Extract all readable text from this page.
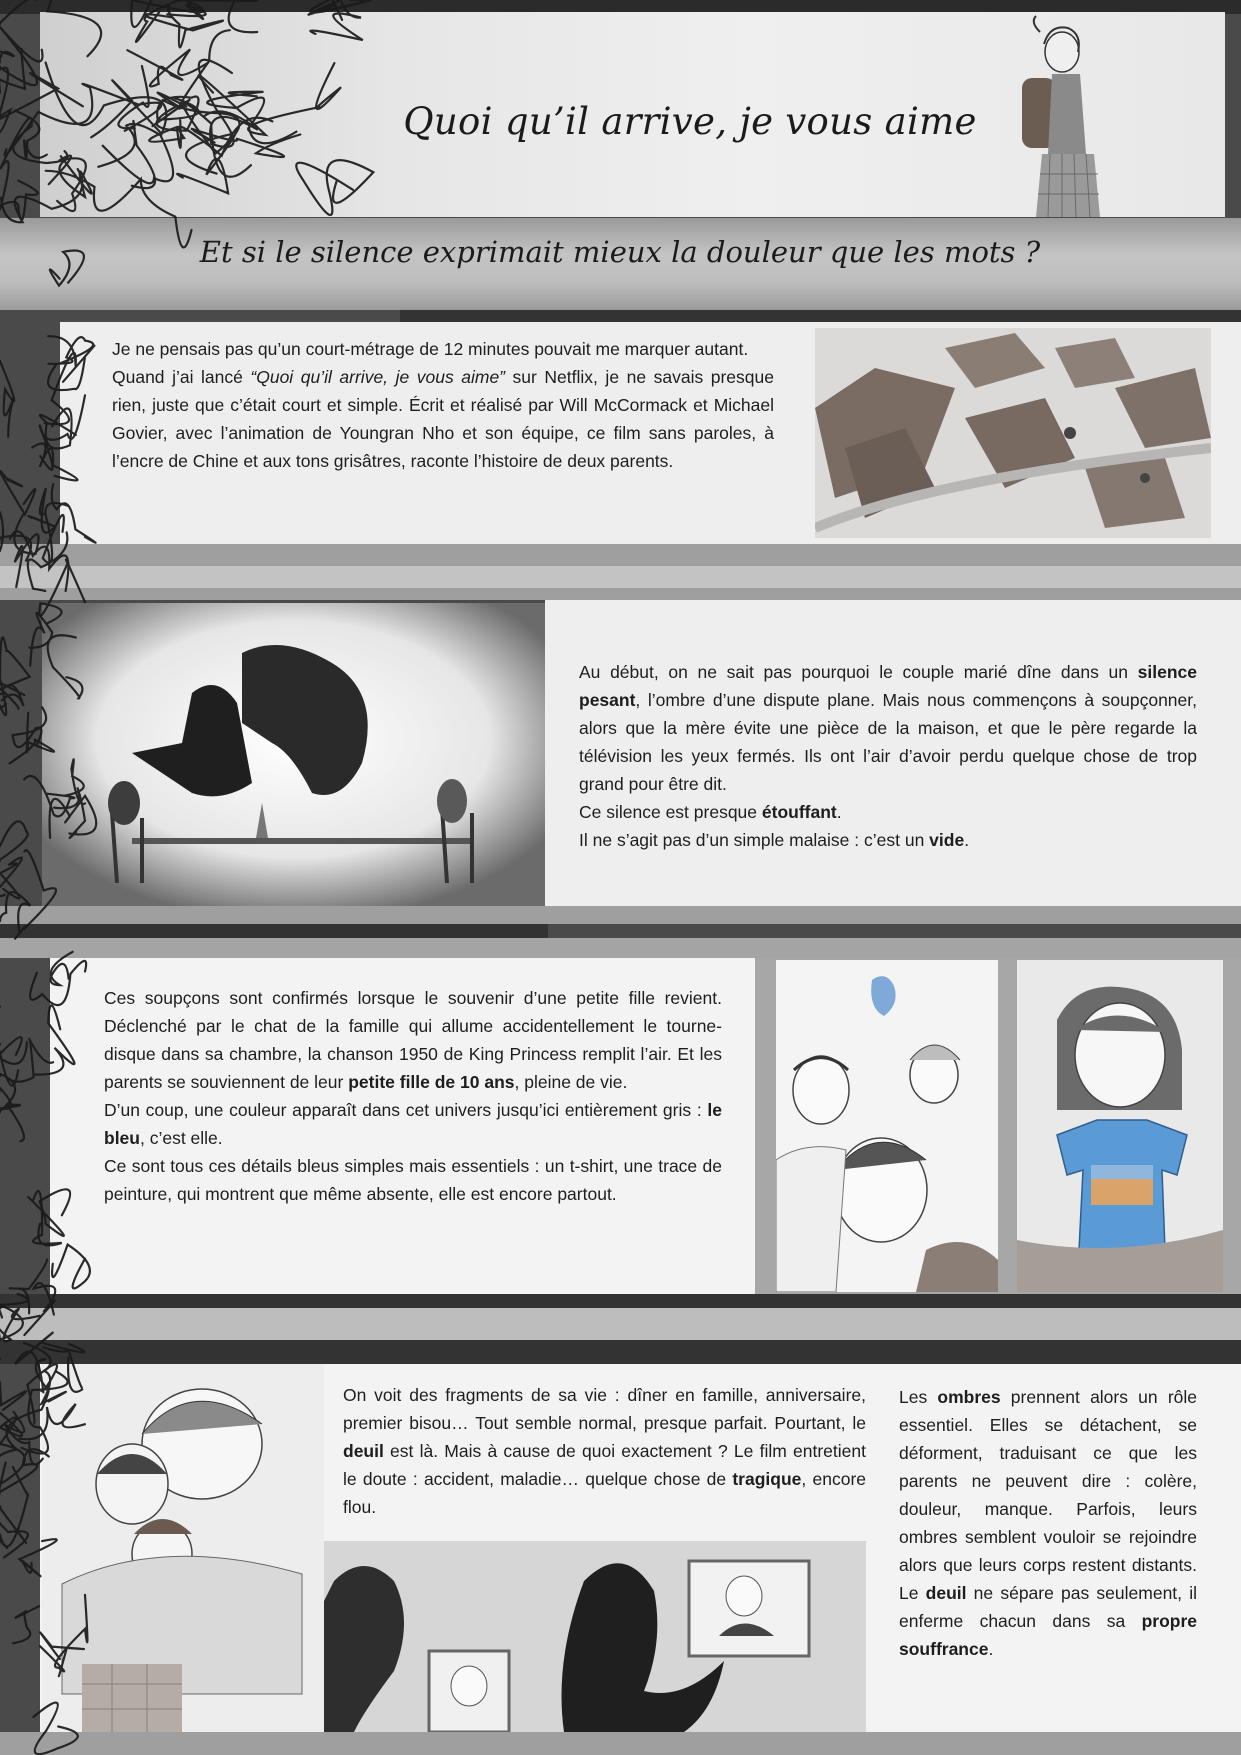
Quoi qu’il arrive, je vous aime
Et si le silence exprimait mieux la douleur que les mots ?

Je ne pensais pas qu’un court-métrage de 12 minutes pouvait me marquer autant.

Quand j’ai lancé “Quoi qu’il arrive, je vous aime” sur Netflix, je ne savais presque rien, juste que c’était court et simple. Écrit et réalisé par Will McCormack et Michael Govier, avec l’animation de Youngran Nho et son équipe, ce film sans paroles, à l’encre de Chine et aux tons grisâtres, raconte l’histoire de deux parents.

Au début, on ne sait pas pourquoi le couple marié dîne dans un silence pesant, l’ombre d’une dispute plane. Mais nous commençons à soupçonner, alors que la mère évite une pièce de la maison, et que le père regarde la télévision les yeux fermés. Ils ont l’air d’avoir perdu quelque chose de trop grand pour être dit.

Ce silence est presque étouffant.

Il ne s’agit pas d’un simple malaise : c’est un vide.

Ces soupçons sont confirmés lorsque le souvenir d’une petite fille revient. Déclenché par le chat de la famille qui allume accidentellement le tourne-disque dans sa chambre, la chanson 1950 de King Princess remplit l’air. Et les parents se souviennent de leur petite fille de 10 ans, pleine de vie.

D’un coup, une couleur apparaît dans cet univers jusqu’ici entièrement gris : le bleu, c’est elle.

Ce sont tous ces détails bleus simples mais essentiels : un t-shirt, une trace de peinture, qui montrent que même absente, elle est encore partout.

On voit des fragments de sa vie : dîner en famille, anniversaire, premier bisou… Tout semble normal, presque parfait. Pourtant, le deuil est là. Mais à cause de quoi exactement ? Le film entretient le doute : accident, maladie… quelque chose de tragique, encore flou.

Les ombres prennent alors un rôle essentiel. Elles se détachent, se déforment, traduisant ce que les parents ne peuvent dire : colère, douleur, manque. Parfois, leurs ombres semblent vouloir se rejoindre alors que leurs corps restent distants. Le deuil ne sépare pas seulement, il enferme chacun dans sa propre souffrance.
